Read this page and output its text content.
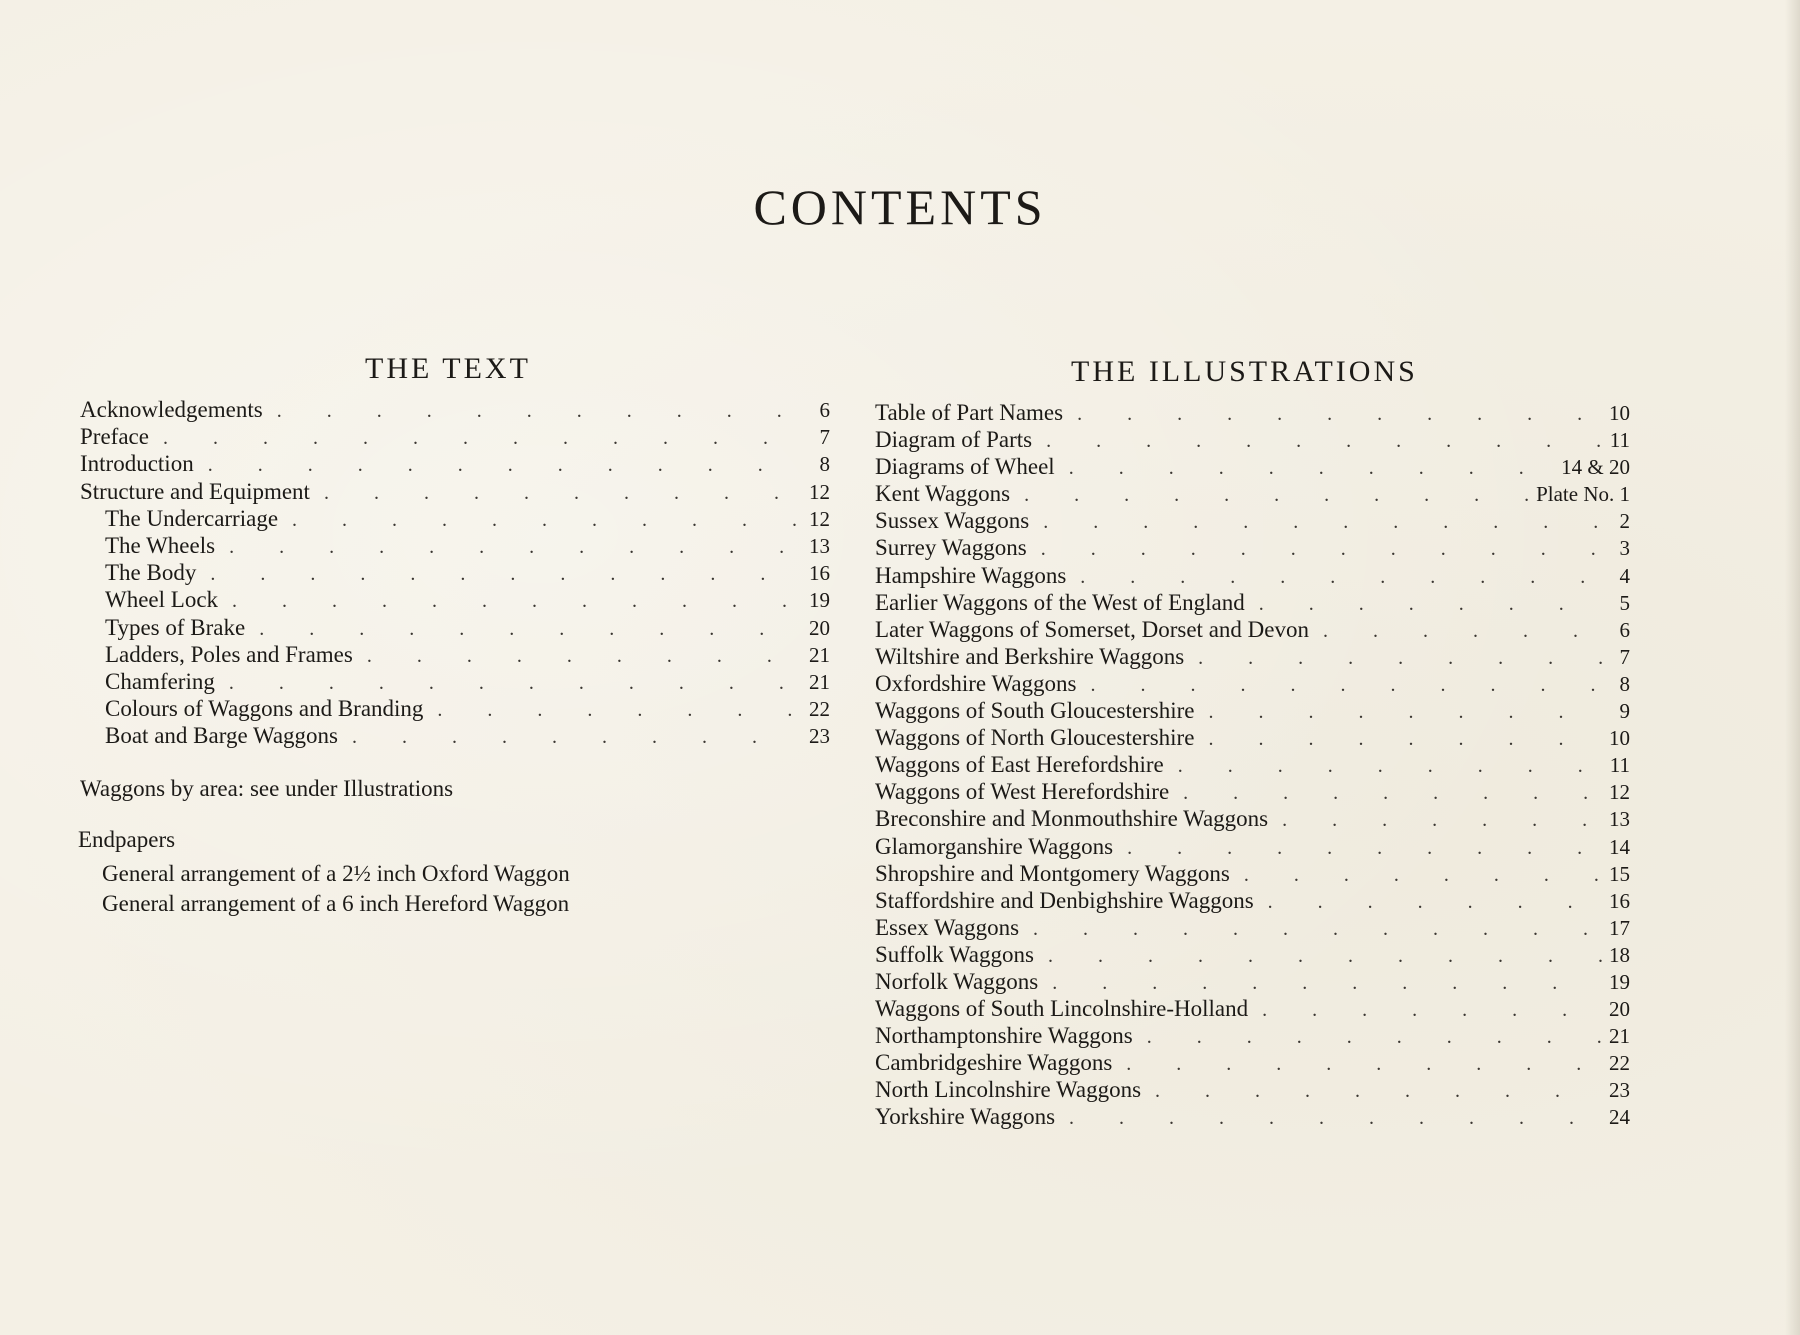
CONTENTS
THE TEXT
Acknowledgements . . .	6
Preface . . .	7
Introduction . . .	8
Structure and Equipment . . .	12
The Undercarriage . . .	12
The Wheels . . .	13
The Body . . .	16
Wheel Lock . . .	19
Types of Brake . . .	20
Ladders, Poles and Frames . . .	21
Chamfering . . .	21
Colours of Waggons and Branding . . .	22
Boat and Barge Waggons . . .	23

Waggons by area: see under Illustrations

Endpapers

General arrangement of a 2½ inch Oxford Waggon
General arrangement of a 6 inch Hereford Waggon
THE ILLUSTRATIONS
Table of Part Names . . .	10
Diagram of Parts . . .	11
Diagrams of Wheel . . .	14 & 20
Kent Waggons . . .	Plate No. 1
Sussex Waggons . . .	2
Surrey Waggons . . .	3
Hampshire Waggons . . .	4
Earlier Waggons of the West of England . . .	5
Later Waggons of Somerset, Dorset and Devon . . .	6
Wiltshire and Berkshire Waggons . . .	7
Oxfordshire Waggons . . .	8
Waggons of South Gloucestershire . . .	9
Waggons of North Gloucestershire . . .	10
Waggons of East Herefordshire . . .	11
Waggons of West Herefordshire . . .	12
Breconshire and Monmouthshire Waggons . . .	13
Glamorganshire Waggons . . .	14
Shropshire and Montgomery Waggons . . .	15
Staffordshire and Denbighshire Waggons . . .	16
Essex Waggons . . .	17
Suffolk Waggons . . .	18
Norfolk Waggons . . .	19
Waggons of South Lincolnshire-Holland . . .	20
Northamptonshire Waggons . . .	21
Cambridgeshire Waggons . . .	22
North Lincolnshire Waggons . . .	23
Yorkshire Waggons . . .	24
